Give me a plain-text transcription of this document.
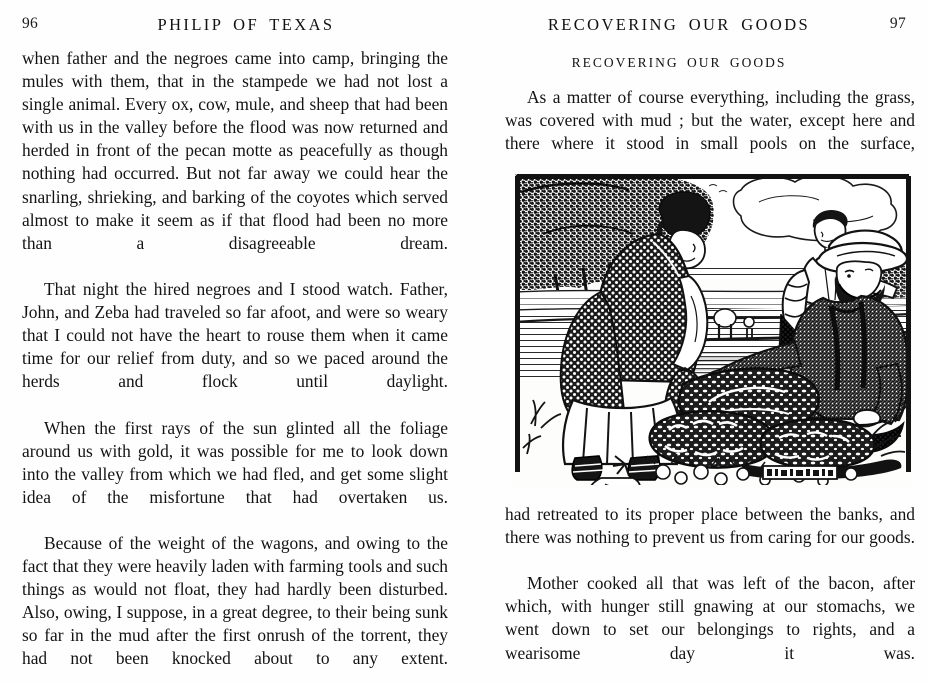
96	PHILIP OF TEXAS

when father and the negroes came into camp, bringing the mules with them, that in the stampede we had not lost a single animal. Every ox, cow, mule, and sheep that had been with us in the valley before the flood was now returned and herded in front of the pecan motte as peacefully as though nothing had occurred. But not far away we could hear the snarling, shrieking, and barking of the coyotes which served almost to make it seem as if that flood had been no more than a disagreeable dream.

That night the hired negroes and I stood watch. Father, John, and Zeba had traveled so far afoot, and were so weary that I could not have the heart to rouse them when it came time for our relief from duty, and so we paced around the herds and flock until daylight.

When the first rays of the sun glinted all the foliage around us with gold, it was possible for me to look down into the valley from which we had fled, and get some slight idea of the misfortune that had overtaken us.

Because of the weight of the wagons, and owing to the fact that they were heavily laden with farming tools and such things as would not float, they had hardly been disturbed. Also, owing, I suppose, in a great degree, to their being sunk so far in the mud after the first onrush of the torrent, they had not been knocked about to any extent.

97
RECOVERING OUR GOODS
RECOVERING OUR GOODS

As a matter of course everything, including the grass, was covered with mud ; but the water, except here and there where it stood in small pools on the surface,

had retreated to its proper place between the banks, and there was nothing to prevent us from caring for our goods.

Mother cooked all that was left of the bacon, after which, with hunger still gnawing at our stomachs, we went down to set our belongings to rights, and a wearisome day it was.
